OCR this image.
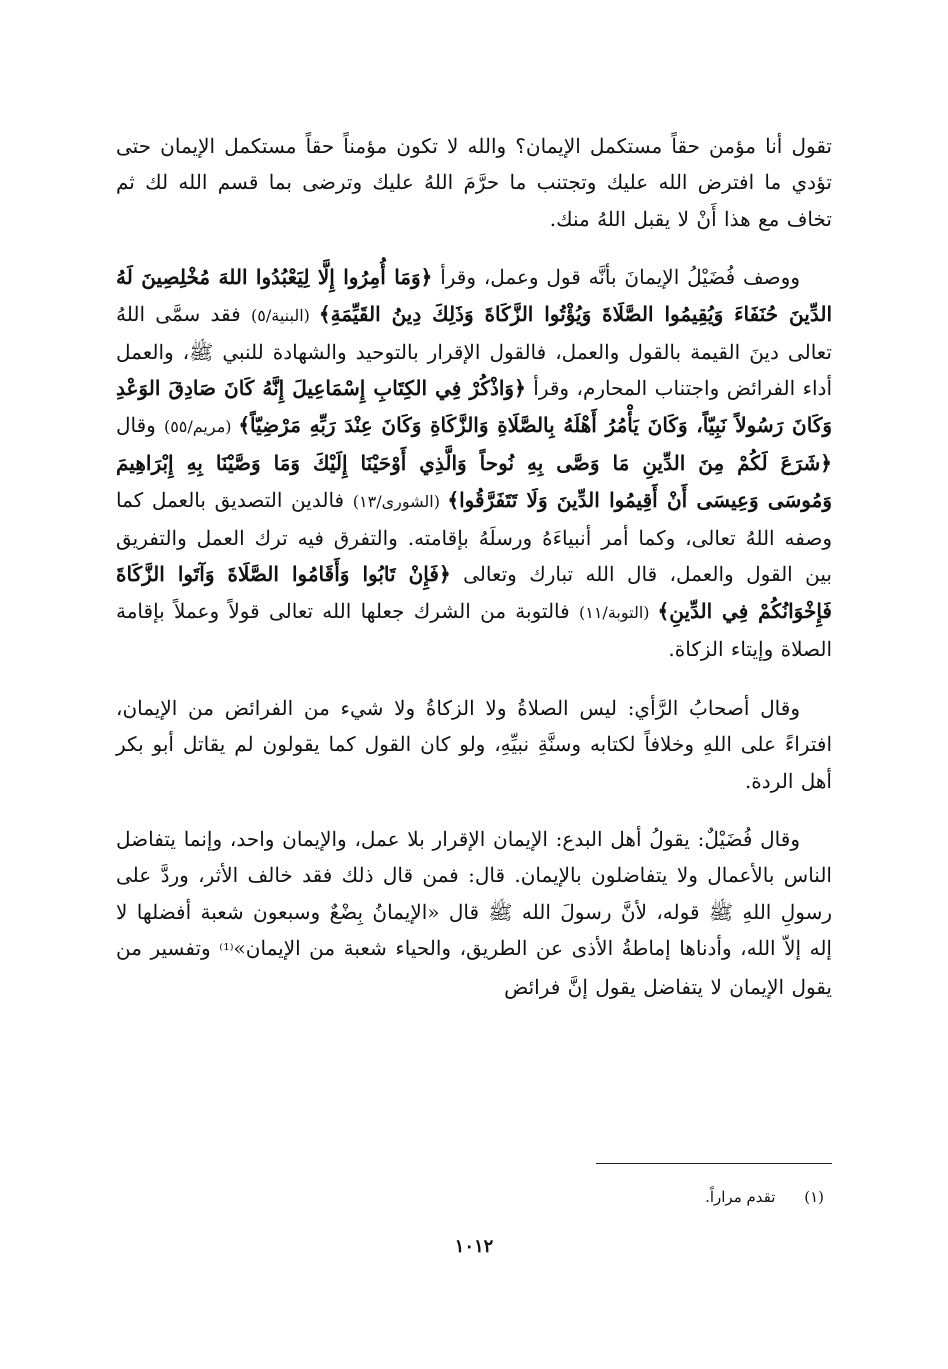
تقول أنا مؤمن حقاً مستكمل الإيمان؟ والله لا تكون مؤمناً حقاً مستكمل الإيمان حتى تؤدي ما افترض الله عليك وتجتنب ما حرَّمَ اللهُ عليك وترضى بما قسم الله لك ثم تخاف مع هذا أَنْ لا يقبل اللهُ منك.

ووصف فُضَيْلُ الإيمانَ بأنَّه قول وعمل، وقرأ ﴿وَمَا أُمِرُوا إِلَّا لِيَعْبُدُوا اللهَ مُخْلِصِينَ لَهُ الدِّينَ حُنَفَاءَ وَيُقِيمُوا الصَّلَاةَ وَيُؤْتُوا الزَّكَاةَ وَذَلِكَ دِينُ القَيِّمَةِ﴾ (البنية/٥) فقد سمَّى اللهُ تعالى دينَ القيمة بالقول والعمل، فالقول الإقرار بالتوحيد والشهادة للنبي ﷺ، والعمل أداء الفرائض واجتناب المحارم، وقرأ ﴿وَاذْكُرْ فِي الكِتَابِ إِسْمَاعِيلَ إِنَّهُ كَانَ صَادِقَ الوَعْدِ وَكَانَ رَسُولاً نَبِيّاً، وَكَانَ يَأْمُرُ أَهْلَهُ بِالصَّلَاةِ وَالزَّكَاةِ وَكَانَ عِنْدَ رَبِّهِ مَرْضِيّاً﴾ (مريم/٥٥) وقال ﴿شَرَعَ لَكُمْ مِنَ الدِّينِ مَا وَصَّى بِهِ نُوحاً وَالَّذِي أَوْحَيْنَا إِلَيْكَ وَمَا وَصَّيْنَا بِهِ إِبْرَاهِيمَ وَمُوسَى وَعِيسَى أَنْ أَقِيمُوا الدِّينَ وَلَا تَتَفَرَّقُوا﴾ (الشورى/١٣) فالدين التصديق بالعمل كما وصفه اللهُ تعالى، وكما أمر أنبياءَهُ ورسلَهُ بإقامته. والتفرق فيه ترك العمل والتفريق بين القول والعمل، قال الله تبارك وتعالى ﴿فَإِنْ تَابُوا وَأَقَامُوا الصَّلَاةَ وَآتَوا الزَّكَاةَ فَإِخْوَانُكُمْ فِي الدِّينِ﴾ (التوبة/١١) فالتوبة من الشرك جعلها الله تعالى قولاً وعملاً بإقامة الصلاة وإيتاء الزكاة.

وقال أصحابُ الرَّأي: ليس الصلاةُ ولا الزكاةُ ولا شيء من الفرائض من الإيمان، افتراءً على اللهِ وخلافاً لكتابه وسنَّةِ نبيِّهِ، ولو كان القول كما يقولون لم يقاتل أبو بكر أهل الردة.

وقال فُضَيْلٌ: يقولُ أهل البدع: الإيمان الإقرار بلا عمل، والإيمان واحد، وإنما يتفاضل الناس بالأعمال ولا يتفاضلون بالإيمان. قال: فمن قال ذلك فقد خالف الأثر، وردَّ على رسولِ اللهِ ﷺ قوله، لأنَّ رسولَ الله ﷺ قال «الإيمانُ بِضْعٌ وسبعون شعبة أفضلها لا إله إلاّ الله، وأدناها إماطةُ الأذى عن الطريق، والحياء شعبة من الإيمان»⁽¹⁾ وتفسير من يقول الإيمان لا يتفاضل يقول إنَّ فرائض

(١) تقدم مراراً.
١٠١٢
